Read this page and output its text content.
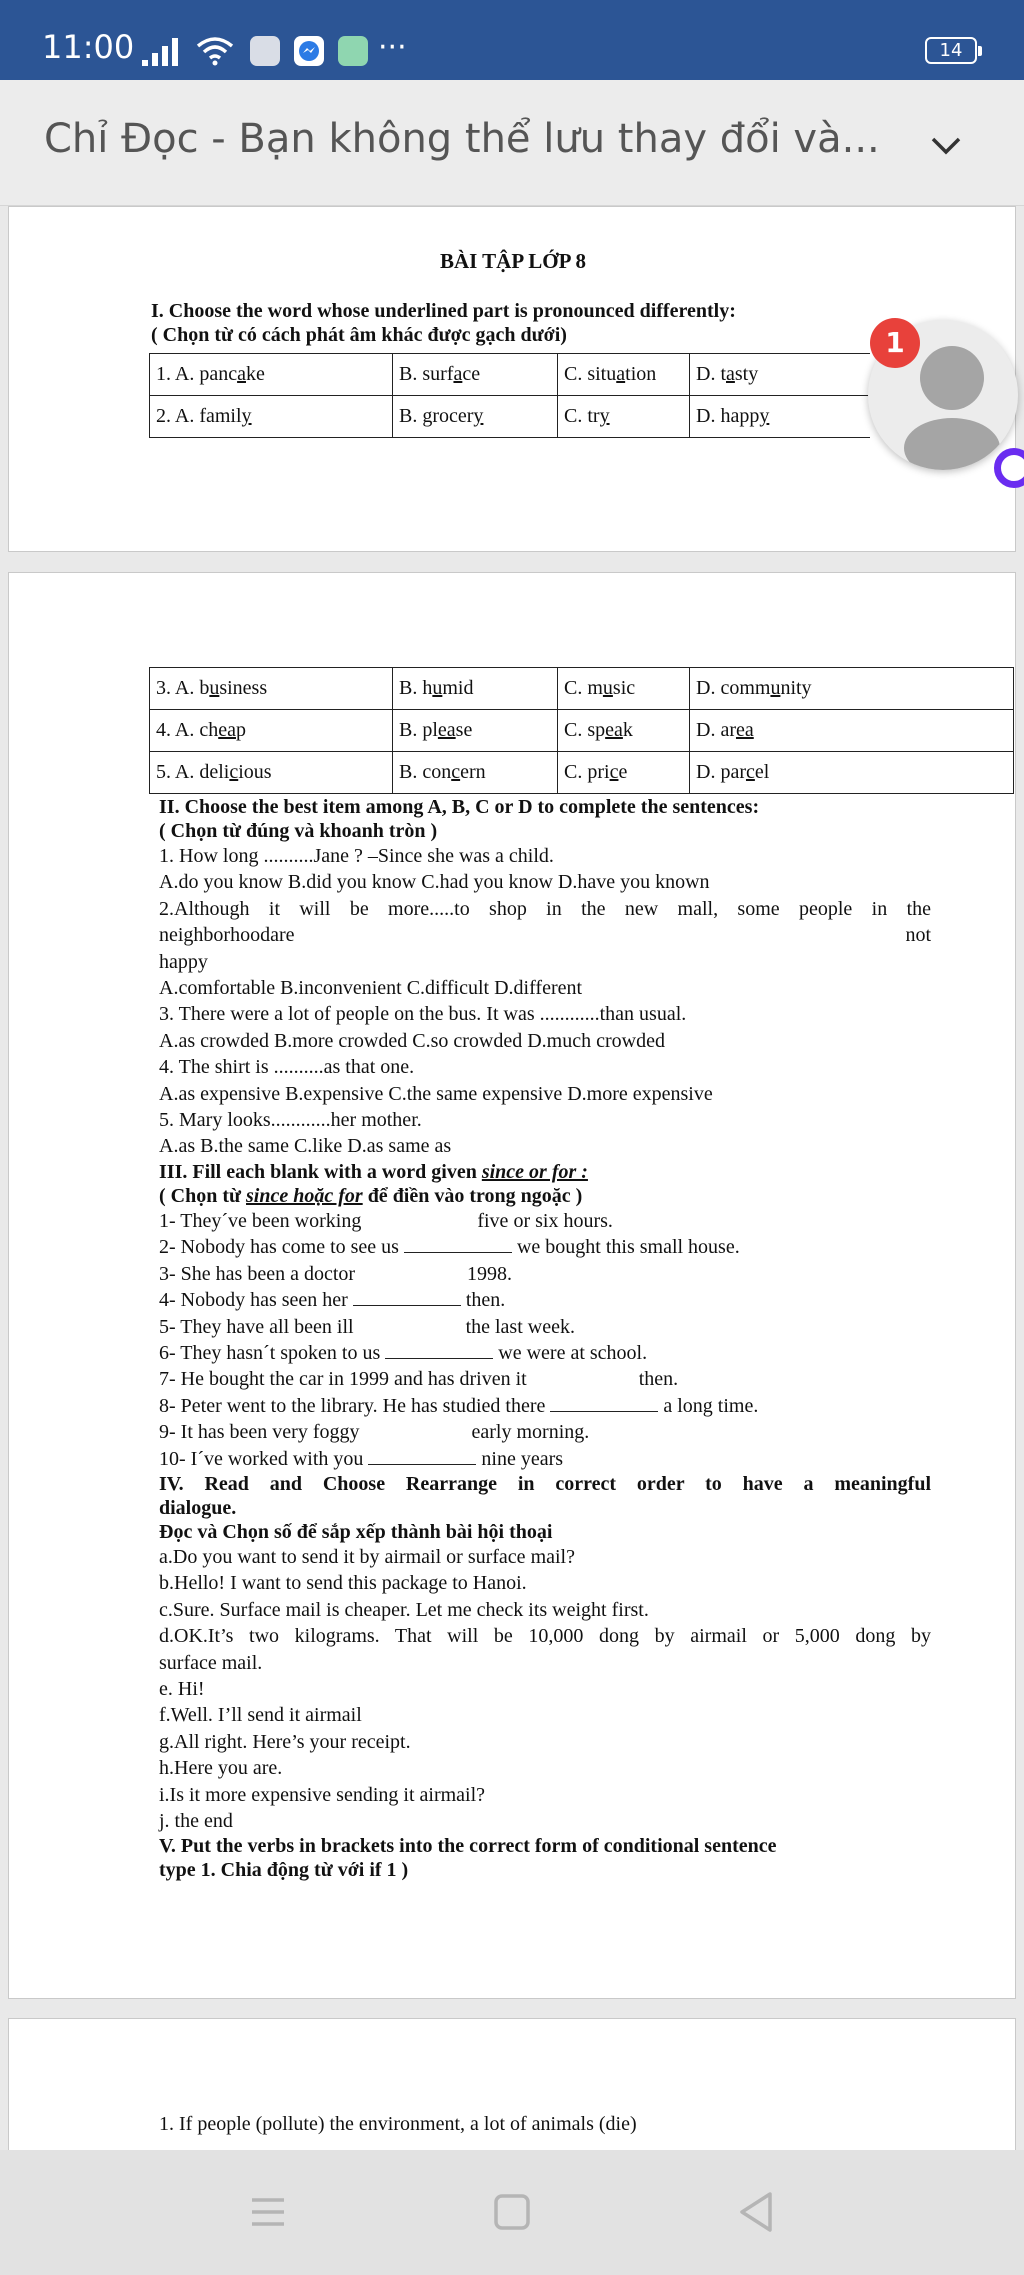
11:00	···	14
Chỉ Đọc - Bạn không thể lưu thay đổi và...
BÀI TẬP LỚP 8
I. Choose the word whose underlined part is pronounced differently:
( Chọn từ có cách phát âm khác được gạch dưới)
1. A. pancake	B. surface	C. situation	D. tasty
2. A. family	B. grocery	C. try	D. happy
3. A. business	B. humid	C. music	D. community
4. A. cheap	B. please	C. speak	D. area
5. A. delicious	B. concern	C. price	D. parcel
II. Choose the best item among A, B, C or D to complete the sentences:
( Chọn từ đúng và khoanh tròn )
1. How long ..........Jane ? –Since she was a child.
A.do you know B.did you know C.had you know D.have you known
2.Although it will be more.....to shop in the new mall, some people in the
neighborhoodare	not
happy
A.comfortable B.inconvenient C.difficult D.different
3. There were a lot of people on the bus. It was ............than usual.
A.as crowded B.more crowded C.so crowded D.much crowded
4. The shirt is ..........as that one.
A.as expensive B.expensive C.the same expensive D.more expensive
5. Mary looks............her mother.
A.as B.the same C.like D.as same as
III. Fill each blank with a word given since or for :
( Chọn từ since hoặc for để điền vào trong ngoặc )
1- They´ve been working	five or six hours.
2- Nobody has come to see us	we bought this small house.
3- She has been a doctor	1998.
4- Nobody has seen her	then.
5- They have all been ill	the last week.
6- They hasn´t spoken to us	we were at school.
7- He bought the car in 1999 and has driven it	then.
8- Peter went to the library. He has studied there	a long time.
9- It has been very foggy	early morning.
10- I´ve worked with you	nine years
IV. Read and Choose Rearrange in correct order to have a meaningful
dialogue.
Đọc và Chọn số để sắp xếp thành bài hội thoại
a.Do you want to send it by airmail or surface mail?
b.Hello! I want to send this package to Hanoi.
c.Sure. Surface mail is cheaper. Let me check its weight first.
d.OK.It’s two kilograms. That will be 10,000 dong by airmail or 5,000 dong by
surface mail.
e. Hi!
f.Well. I’ll send it airmail
g.All right. Here’s your receipt.
h.Here you are.
i.Is it more expensive sending it airmail?
j. the end
V. Put the verbs in brackets into the correct form of conditional sentence
type 1. Chia động từ với if 1 )
1. If people (pollute) the environment, a lot of animals (die)
1
